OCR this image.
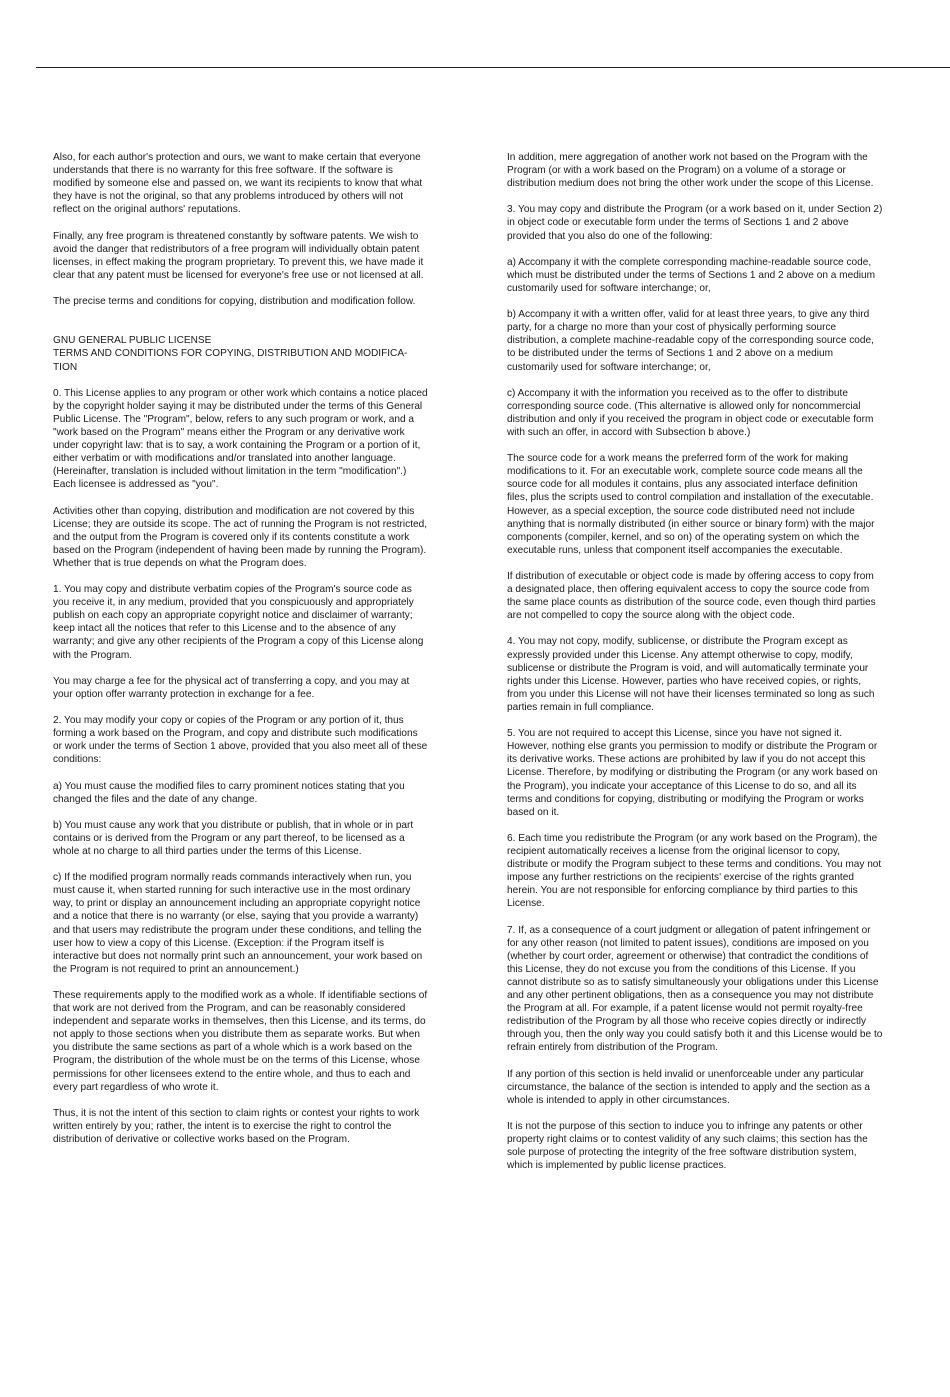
Also, for each author's protection and ours, we want to make certain that everyone
understands that there is no warranty for this free software. If the software is
modified by someone else and passed on, we want its recipients to know that what
they have is not the original, so that any problems introduced by others will not
reflect on the original authors' reputations.

Finally, any free program is threatened constantly by software patents. We wish to
avoid the danger that redistributors of a free program will individually obtain patent
licenses, in effect making the program proprietary. To prevent this, we have made it
clear that any patent must be licensed for everyone's free use or not licensed at all.

The precise terms and conditions for copying, distribution and modification follow.

GNU GENERAL PUBLIC LICENSE
TERMS AND CONDITIONS FOR COPYING, DISTRIBUTION AND MODIFICA-
TION

0. This License applies to any program or other work which contains a notice placed
by the copyright holder saying it may be distributed under the terms of this General
Public License. The "Program", below, refers to any such program or work, and a
"work based on the Program" means either the Program or any derivative work
under copyright law: that is to say, a work containing the Program or a portion of it,
either verbatim or with modifications and/or translated into another language.
(Hereinafter, translation is included without limitation in the term "modification".)
Each licensee is addressed as "you".

Activities other than copying, distribution and modification are not covered by this
License; they are outside its scope. The act of running the Program is not restricted,
and the output from the Program is covered only if its contents constitute a work
based on the Program (independent of having been made by running the Program).
Whether that is true depends on what the Program does.

1. You may copy and distribute verbatim copies of the Program's source code as
you receive it, in any medium, provided that you conspicuously and appropriately
publish on each copy an appropriate copyright notice and disclaimer of warranty;
keep intact all the notices that refer to this License and to the absence of any
warranty; and give any other recipients of the Program a copy of this License along
with the Program.

You may charge a fee for the physical act of transferring a copy, and you may at
your option offer warranty protection in exchange for a fee.

2. You may modify your copy or copies of the Program or any portion of it, thus
forming a work based on the Program, and copy and distribute such modifications
or work under the terms of Section 1 above, provided that you also meet all of these
conditions:

a) You must cause the modified files to carry prominent notices stating that you
changed the files and the date of any change.

b) You must cause any work that you distribute or publish, that in whole or in part
contains or is derived from the Program or any part thereof, to be licensed as a
whole at no charge to all third parties under the terms of this License.

c) If the modified program normally reads commands interactively when run, you
must cause it, when started running for such interactive use in the most ordinary
way, to print or display an announcement including an appropriate copyright notice
and a notice that there is no warranty (or else, saying that you provide a warranty)
and that users may redistribute the program under these conditions, and telling the
user how to view a copy of this License. (Exception: if the Program itself is
interactive but does not normally print such an announcement, your work based on
the Program is not required to print an announcement.)

These requirements apply to the modified work as a whole. If identifiable sections of
that work are not derived from the Program, and can be reasonably considered
independent and separate works in themselves, then this License, and its terms, do
not apply to those sections when you distribute them as separate works. But when
you distribute the same sections as part of a whole which is a work based on the
Program, the distribution of the whole must be on the terms of this License, whose
permissions for other licensees extend to the entire whole, and thus to each and
every part regardless of who wrote it.

Thus, it is not the intent of this section to claim rights or contest your rights to work
written entirely by you; rather, the intent is to exercise the right to control the
distribution of derivative or collective works based on the Program.

In addition, mere aggregation of another work not based on the Program with the
Program (or with a work based on the Program) on a volume of a storage or
distribution medium does not bring the other work under the scope of this License.

3. You may copy and distribute the Program (or a work based on it, under Section 2)
in object code or executable form under the terms of Sections 1 and 2 above
provided that you also do one of the following:

a) Accompany it with the complete corresponding machine-readable source code,
which must be distributed under the terms of Sections 1 and 2 above on a medium
customarily used for software interchange; or,

b) Accompany it with a written offer, valid for at least three years, to give any third
party, for a charge no more than your cost of physically performing source
distribution, a complete machine-readable copy of the corresponding source code,
to be distributed under the terms of Sections 1 and 2 above on a medium
customarily used for software interchange; or,

c) Accompany it with the information you received as to the offer to distribute
corresponding source code. (This alternative is allowed only for noncommercial
distribution and only if you received the program in object code or executable form
with such an offer, in accord with Subsection b above.)

The source code for a work means the preferred form of the work for making
modifications to it. For an executable work, complete source code means all the
source code for all modules it contains, plus any associated interface definition
files, plus the scripts used to control compilation and installation of the executable.
However, as a special exception, the source code distributed need not include
anything that is normally distributed (in either source or binary form) with the major
components (compiler, kernel, and so on) of the operating system on which the
executable runs, unless that component itself accompanies the executable.

If distribution of executable or object code is made by offering access to copy from
a designated place, then offering equivalent access to copy the source code from
the same place counts as distribution of the source code, even though third parties
are not compelled to copy the source along with the object code.

4. You may not copy, modify, sublicense, or distribute the Program except as
expressly provided under this License. Any attempt otherwise to copy, modify,
sublicense or distribute the Program is void, and will automatically terminate your
rights under this License. However, parties who have received copies, or rights,
from you under this License will not have their licenses terminated so long as such
parties remain in full compliance.

5. You are not required to accept this License, since you have not signed it.
However, nothing else grants you permission to modify or distribute the Program or
its derivative works. These actions are prohibited by law if you do not accept this
License. Therefore, by modifying or distributing the Program (or any work based on
the Program), you indicate your acceptance of this License to do so, and all its
terms and conditions for copying, distributing or modifying the Program or works
based on it.

6. Each time you redistribute the Program (or any work based on the Program), the
recipient automatically receives a license from the original licensor to copy,
distribute or modify the Program subject to these terms and conditions. You may not
impose any further restrictions on the recipients' exercise of the rights granted
herein. You are not responsible for enforcing compliance by third parties to this
License.

7. If, as a consequence of a court judgment or allegation of patent infringement or
for any other reason (not limited to patent issues), conditions are imposed on you
(whether by court order, agreement or otherwise) that contradict the conditions of
this License, they do not excuse you from the conditions of this License. If you
cannot distribute so as to satisfy simultaneously your obligations under this License
and any other pertinent obligations, then as a consequence you may not distribute
the Program at all. For example, if a patent license would not permit royalty-free
redistribution of the Program by all those who receive copies directly or indirectly
through you, then the only way you could satisfy both it and this License would be to
refrain entirely from distribution of the Program.

If any portion of this section is held invalid or unenforceable under any particular
circumstance, the balance of the section is intended to apply and the section as a
whole is intended to apply in other circumstances.

It is not the purpose of this section to induce you to infringe any patents or other
property right claims or to contest validity of any such claims; this section has the
sole purpose of protecting the integrity of the free software distribution system,
which is implemented by public license practices.
